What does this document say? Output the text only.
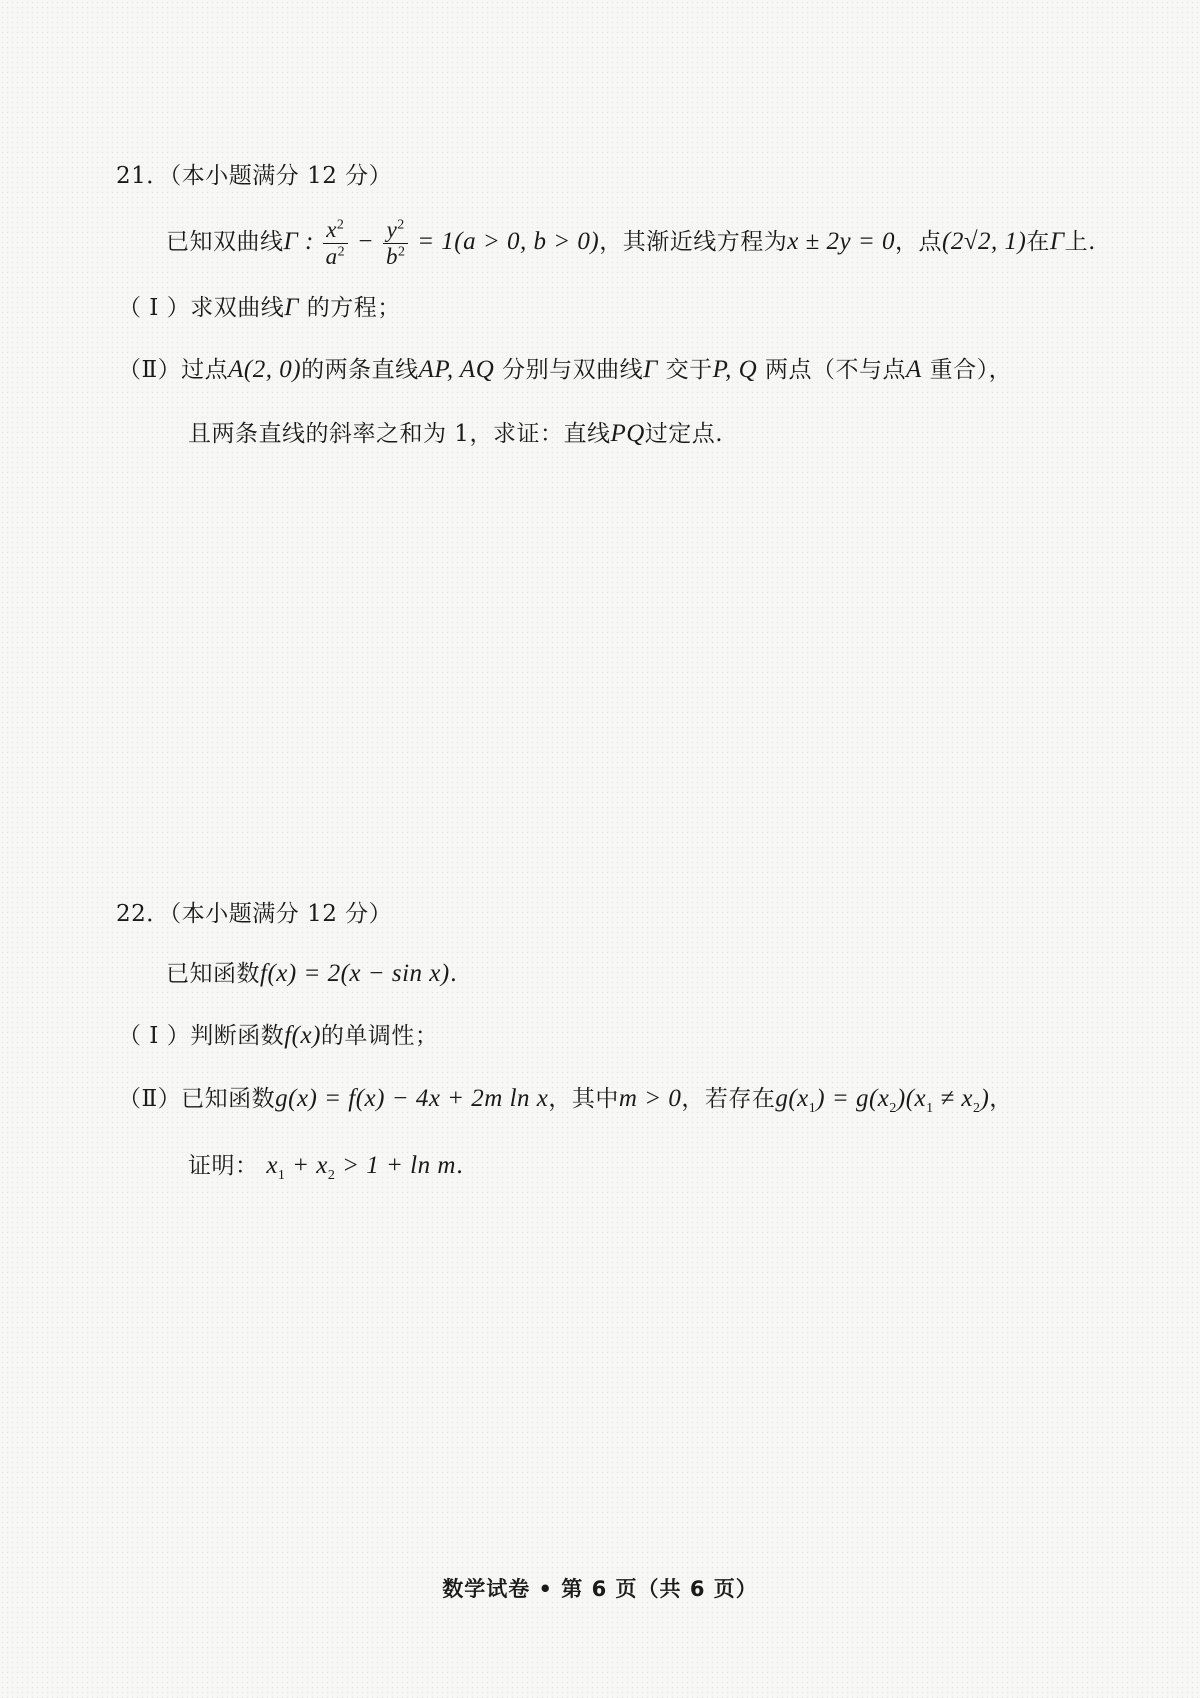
21．（本小题满分 12 分）
已知双曲线Γ : $\frac{x^2}{a^2} - \frac{y^2}{b^2} = 1(a > 0$, b > 0)，其渐近线方程为x ± 2y = 0，点(2√2, 1)在Γ上.
（ I ）求双曲线Γ 的方程；
（Ⅱ）过点A(2, 0)的两条直线AP, AQ 分别与双曲线Γ 交于P, Q 两点（不与点A 重合），
且两条直线的斜率之和为 1，求证：直线PQ过定点.
22．（本小题满分 12 分）
已知函数f(x) = 2(x − sin x).
（ I ）判断函数f(x)的单调性；
（Ⅱ）已知函数g(x) = f(x) − 4x + 2m ln x，其中m > 0，若存在$g(x_1) = g(x_2)(x_1 \ne x_2)$，
证明： $x_1 + x_2 > 1 + \ln m$.
数学试卷 • 第 6 页（共 6 页）
